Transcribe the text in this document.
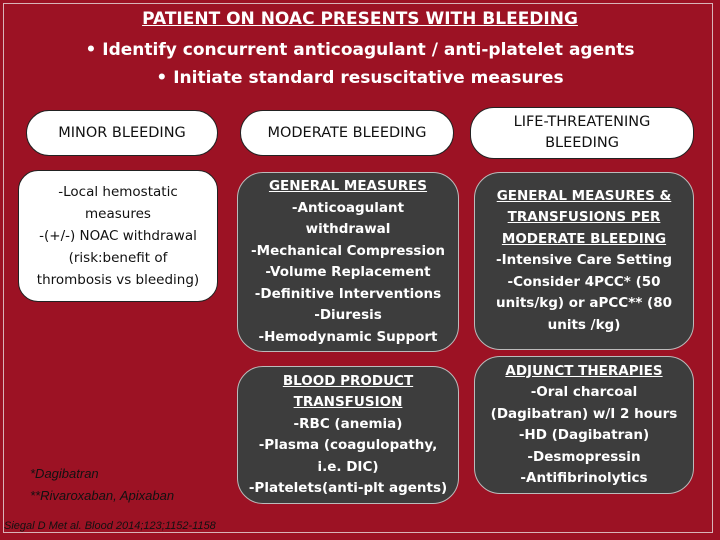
PATIENT ON NOAC PRESENTS WITH BLEEDING
• Identify concurrent anticoagulant / anti-platelet agents
• Initiate standard resuscitative measures
MINOR BLEEDING	MODERATE BLEEDING
LIFE-THREATENING
BLEEDING
-Local hemostatic
measures
-(+/-) NOAC withdrawal
(risk:benefit of
thrombosis vs bleeding)
GENERAL MEASURES
-Anticoagulant
withdrawal
-Mechanical Compression
-Volume Replacement
-Definitive Interventions
-Diuresis
-Hemodynamic Support
BLOOD PRODUCT
TRANSFUSION
-RBC (anemia)
-Plasma (coagulopathy,
i.e. DIC)
-Platelets(anti-plt agents)
GENERAL MEASURES &
TRANSFUSIONS PER
MODERATE BLEEDING
-Intensive Care Setting
-Consider 4PCC* (50
units/kg) or aPCC** (80
units /kg)
ADJUNCT THERAPIES
-Oral charcoal
(Dagibatran) w/I 2 hours
-HD (Dagibatran)
-Desmopressin
-Antifibrinolytics
*Dagibatran
**Rivaroxaban, Apixaban
Siegal D Met al. Blood 2014;123;1152-1158
